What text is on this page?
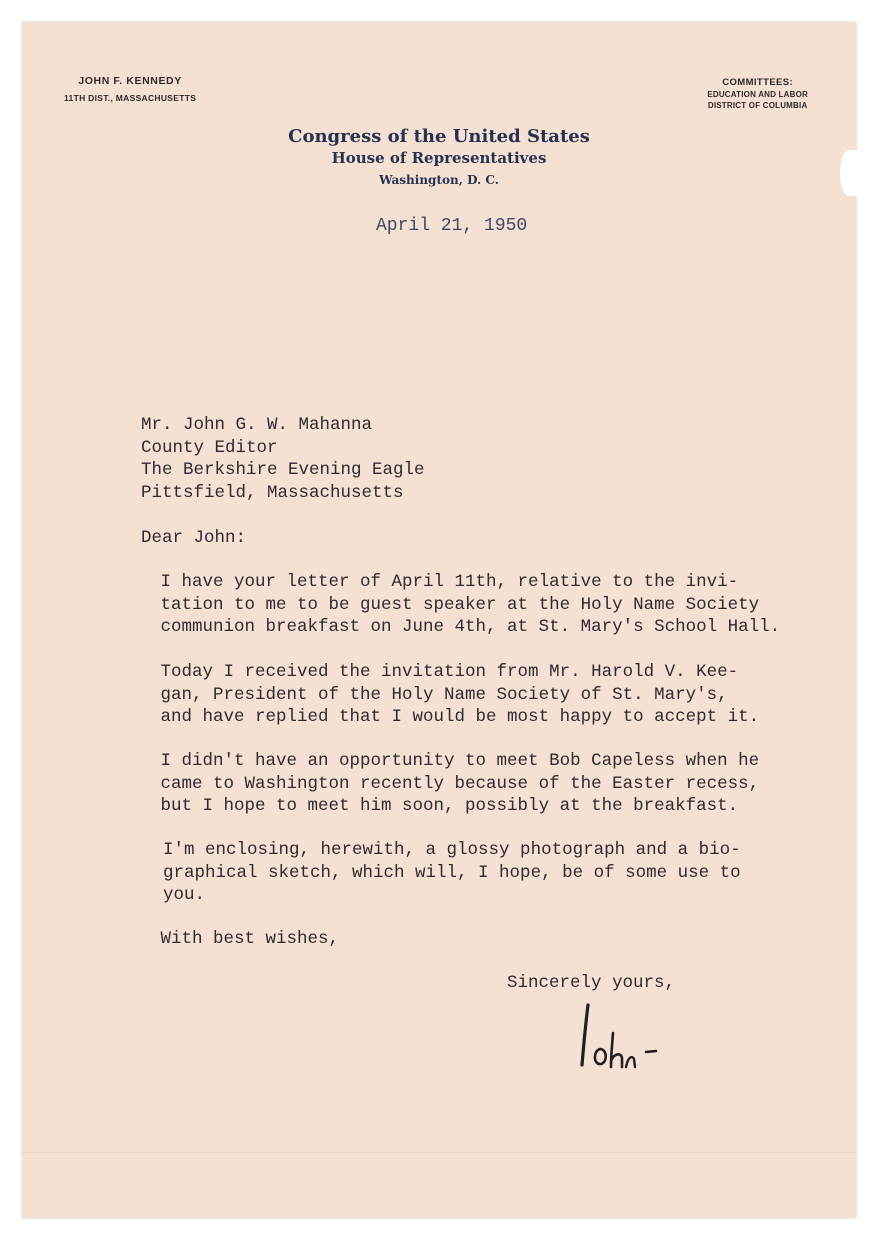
JOHN F. KENNEDY
11TH DIST., MASSACHUSETTS
COMMITTEES:
EDUCATION AND LABOR
DISTRICT OF COLUMBIA
Congress of the United States
House of Representatives
Washington, D. C.
April 21, 1950
Mr. John G. W. Mahanna
County Editor
The Berkshire Evening Eagle
Pittsfield, Massachusetts
Dear John:
I have your letter of April 11th, relative to the invi-
tation to me to be guest speaker at the Holy Name Society
communion breakfast on June 4th, at St. Mary's School Hall.
Today I received the invitation from Mr. Harold V. Kee-
gan, President of the Holy Name Society of St. Mary's,
and have replied that I would be most happy to accept it.
I didn't have an opportunity to meet Bob Capeless when he
came to Washington recently because of the Easter recess,
but I hope to meet him soon, possibly at the breakfast.
I'm enclosing, herewith, a glossy photograph and a bio-
graphical sketch, which will, I hope, be of some use to
you.
With best wishes,
Sincerely yours,
